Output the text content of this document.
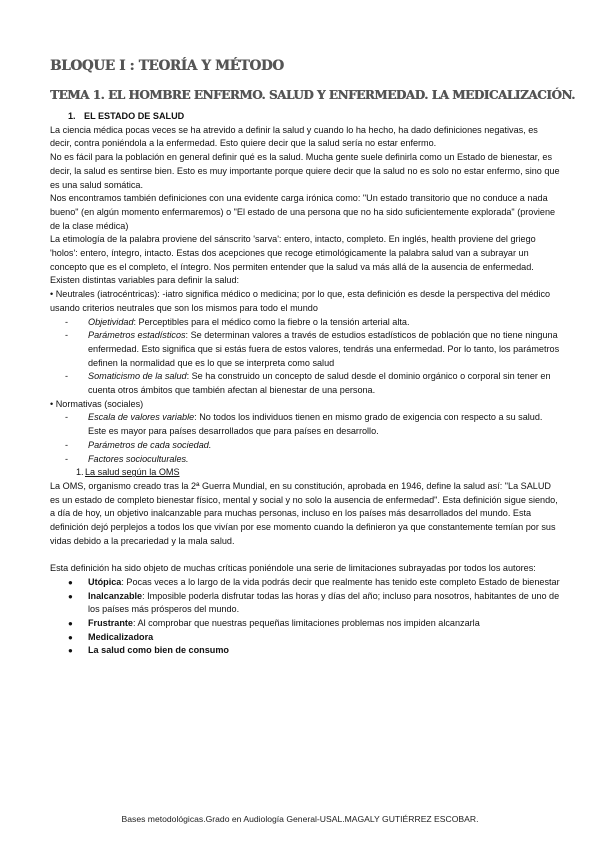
BLOQUE I : TEORÍA Y MÉTODO
TEMA 1. EL HOMBRE ENFERMO. SALUD Y ENFERMEDAD. LA MEDICALIZACIÓN.

1. EL ESTADO DE SALUD

La ciencia médica pocas veces se ha atrevido a definir la salud y cuando lo ha hecho, ha dado definiciones negativas, es decir, contra poniéndola a la enfermedad. Esto quiere decir que la salud sería no estar enfermo.

No es fácil para la población en general definir qué es la salud. Mucha gente suele definirla como un Estado de bienestar, es decir, la salud es sentirse bien. Esto es muy importante porque quiere decir que la salud no es solo no estar enfermo, sino que es una salud somática.

Nos encontramos también definiciones con una evidente carga irónica como: "Un estado transitorio que no conduce a nada bueno" (en algún momento enfermaremos) o "El estado de una persona que no ha sido suficientemente explorada" (proviene de la clase médica)

La etimología de la palabra proviene del sánscrito 'sarva': entero, intacto, completo. En inglés, health proviene del griego 'holos': entero, íntegro, intacto. Estas dos acepciones que recoge etimológicamente la palabra salud van a subrayar un concepto que es el completo, el íntegro. Nos permiten entender que la salud va más allá de la ausencia de enfermedad.

Existen distintas variables para definir la salud:

• Neutrales (iatrocéntricas): -iatro significa médico o medicina; por lo que, esta definición es desde la perspectiva del médico usando criterios neutrales que son los mismos para todo el mundo

- Objetividad: Perceptibles para el médico como la fiebre o la tensión arterial alta.

- Parámetros estadísticos: Se determinan valores a través de estudios estadísticos de población que no tiene ninguna enfermedad. Esto significa que si estás fuera de estos valores, tendrás una enfermedad. Por lo tanto, los parámetros definen la normalidad que es lo que se interpreta como salud

- Somaticismo de la salud: Se ha construido un concepto de salud desde el dominio orgánico o corporal sin tener en cuenta otros ámbitos que también afectan al bienestar de una persona.

• Normativas (sociales)

- Escala de valores variable: No todos los individuos tienen en mismo grado de exigencia con respecto a su salud. Este es mayor para países desarrollados que para países en desarrollo.

- Parámetros de cada sociedad.

- Factores socioculturales.

1.La salud según la OMS

La OMS, organismo creado tras la 2ª Guerra Mundial, en su constitución, aprobada en 1946, define la salud así: "La SALUD es un estado de completo bienestar físico, mental y social y no solo la ausencia de enfermedad". Esta definición sigue siendo, a día de hoy, un objetivo inalcanzable para muchas personas, incluso en los países más desarrollados del mundo. Esta definición dejó perplejos a todos los que vivían por ese momento cuando la definieron ya que constantemente temían por sus vidas debido a la precariedad y la mala salud.

Esta definición ha sido objeto de muchas críticas poniéndole una serie de limitaciones subrayadas por todos los autores:

● Utópica: Pocas veces a lo largo de la vida podrás decir que realmente has tenido este completo Estado de bienestar

● Inalcanzable: Imposible poderla disfrutar todas las horas y días del año; incluso para nosotros, habitantes de uno de los países más prósperos del mundo.

● Frustrante: Al comprobar que nuestras pequeñas limitaciones problemas nos impiden alcanzarla

● Medicalizadora

● La salud como bien de consumo

Bases metodológicas.Grado en Audiología General-USAL.MAGALY GUTIÉRREZ ESCOBAR.
